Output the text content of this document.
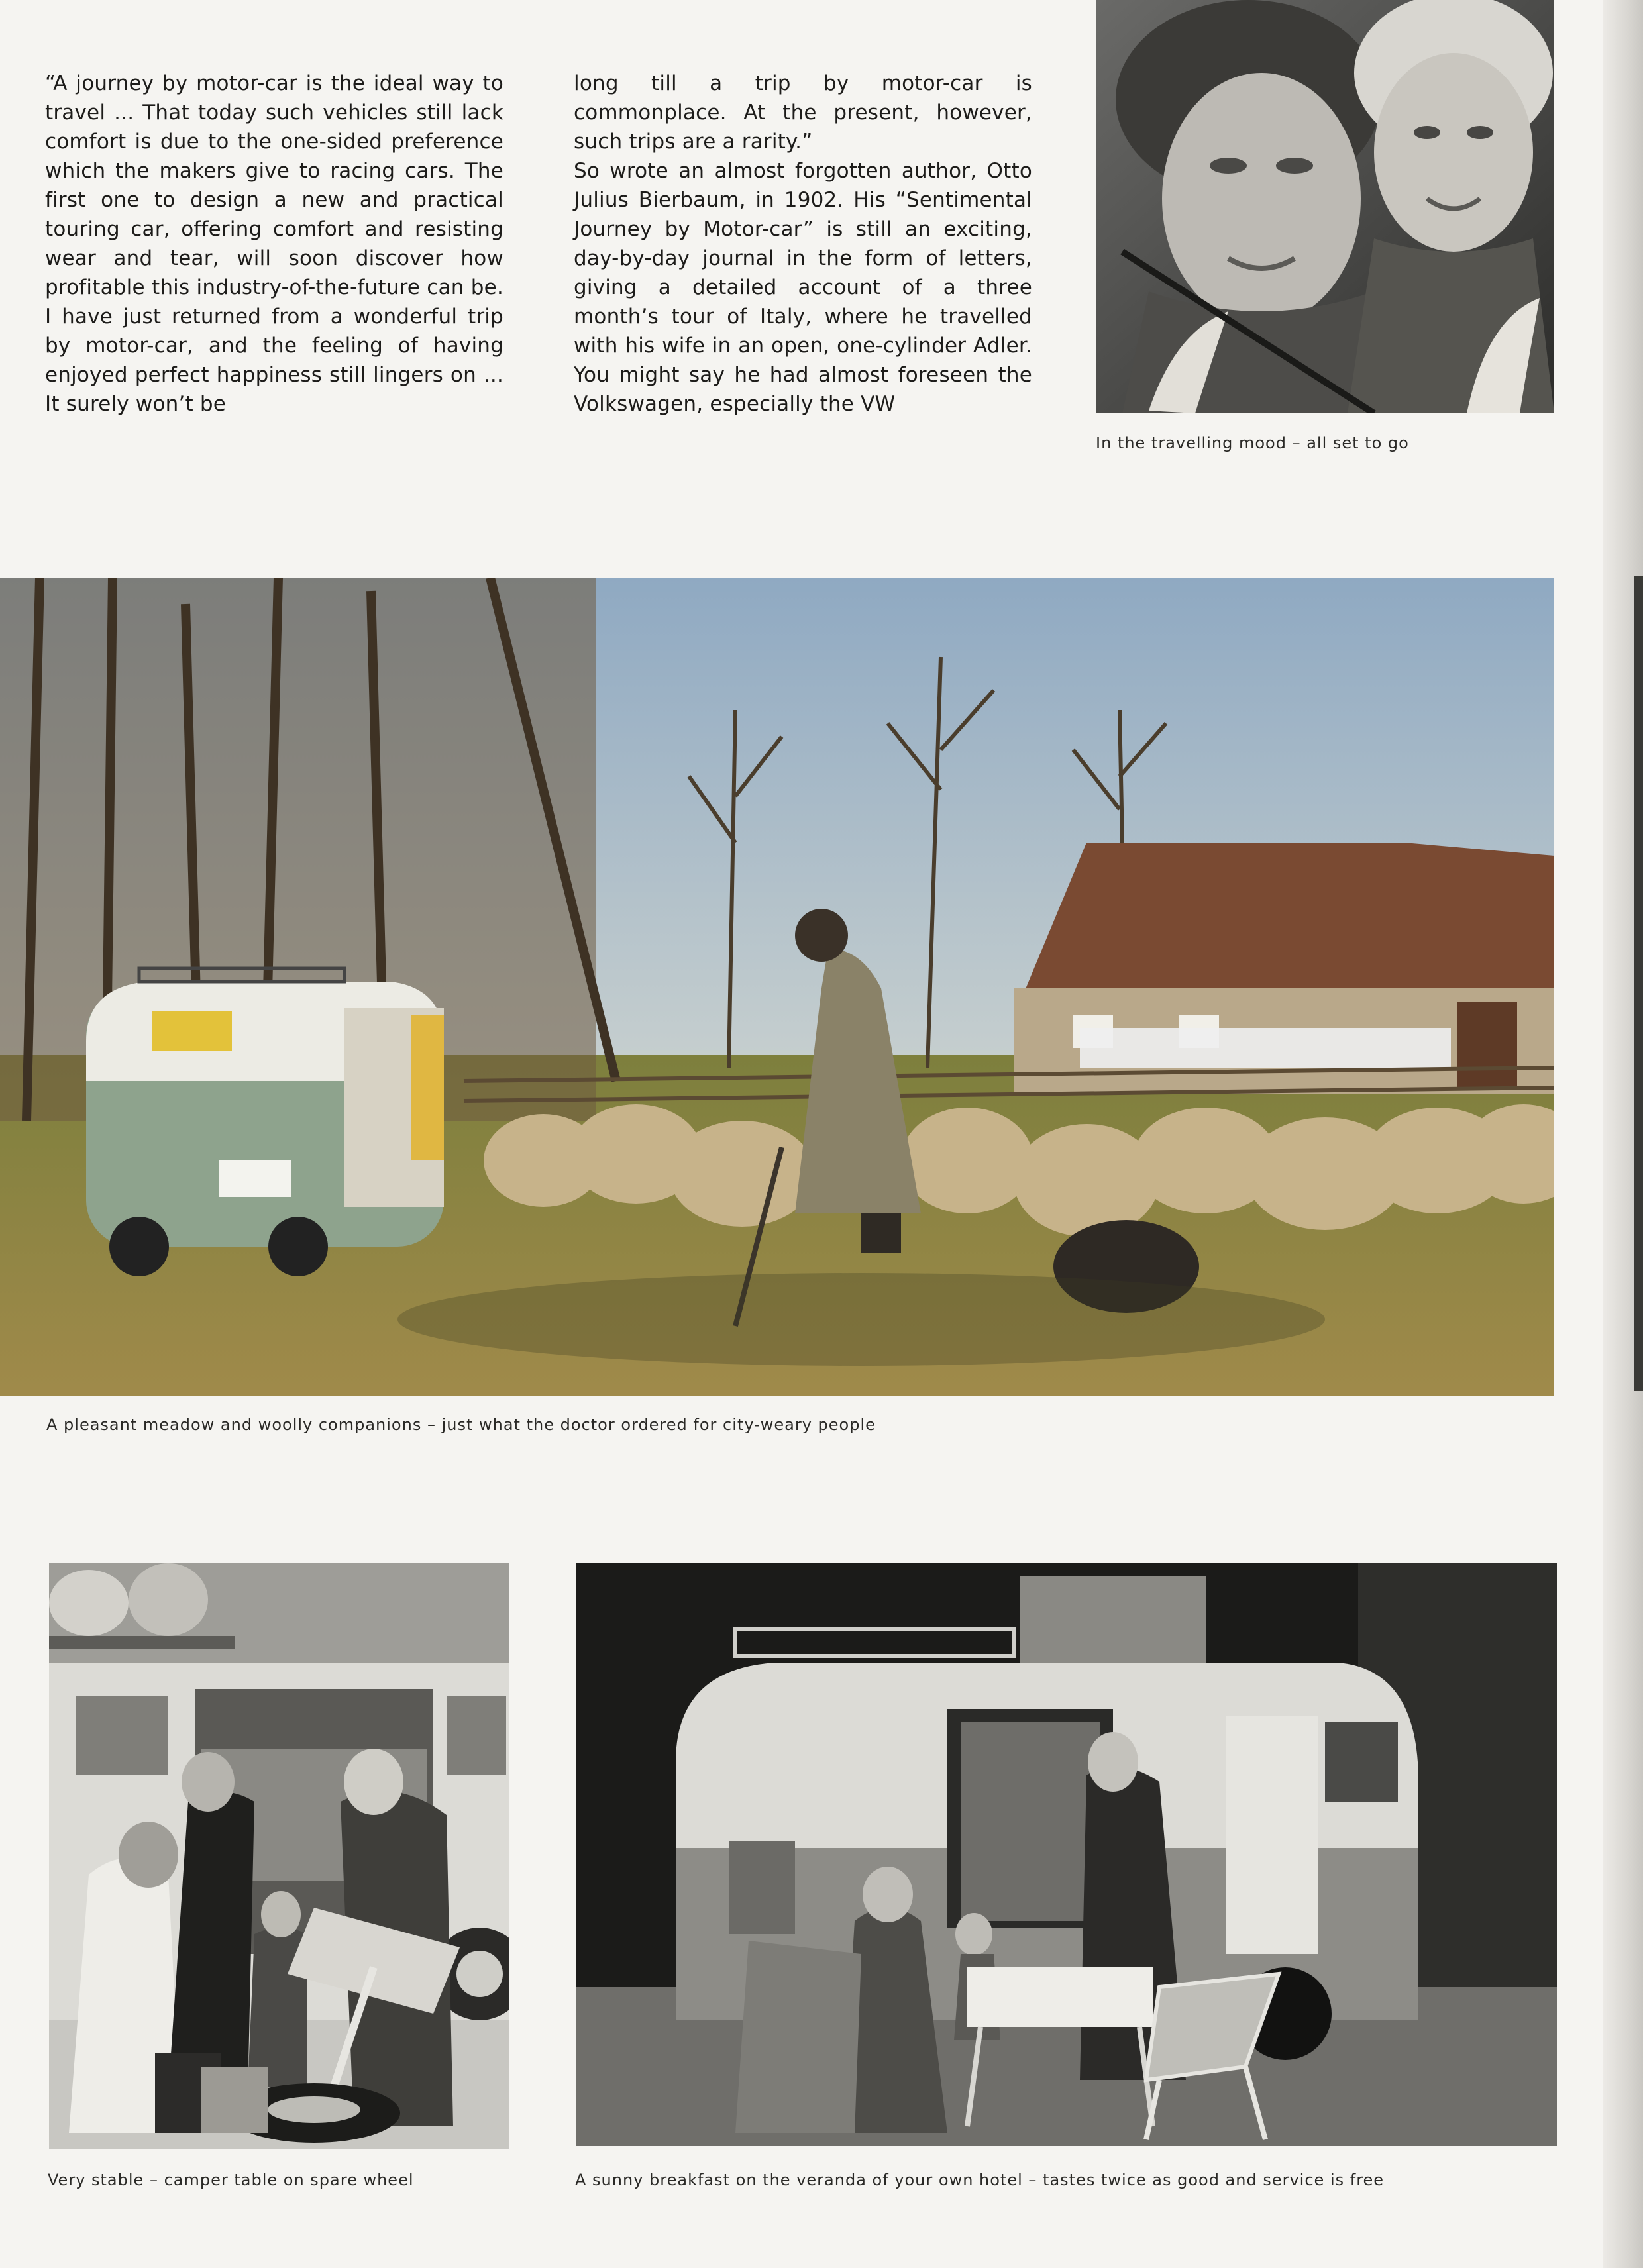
“A journey by motor-car is the ideal way to travel ... That today such vehicles still lack comfort is due to the one-sided preference which the makers give to racing cars. The first one to design a new and practical touring car, offering comfort and resisting wear and tear, will soon discover how profitable this industry-of-the-future can be. I have just returned from a wonderful trip by motor-car, and the feeling of having enjoyed perfect happiness still lingers on ... It surely won’t be

long till a trip by motor-car is commonplace. At the present, however, such trips are a rarity.”

So wrote an almost forgotten author, Otto Julius Bierbaum, in 1902. His “Sentimental Journey by Motor-car” is still an exciting, day-by-day journal in the form of letters, giving a detailed account of a three month’s tour of Italy, where he travelled with his wife in an open, one-cylinder Adler. You might say he had almost foreseen the Volkswagen, especially the VW

In the travelling mood – all set to go
A pleasant meadow and woolly companions – just what the doctor ordered for city-weary people
Very stable – camper table on spare wheel	A sunny breakfast on the veranda of your own hotel – tastes twice as good and service is free
